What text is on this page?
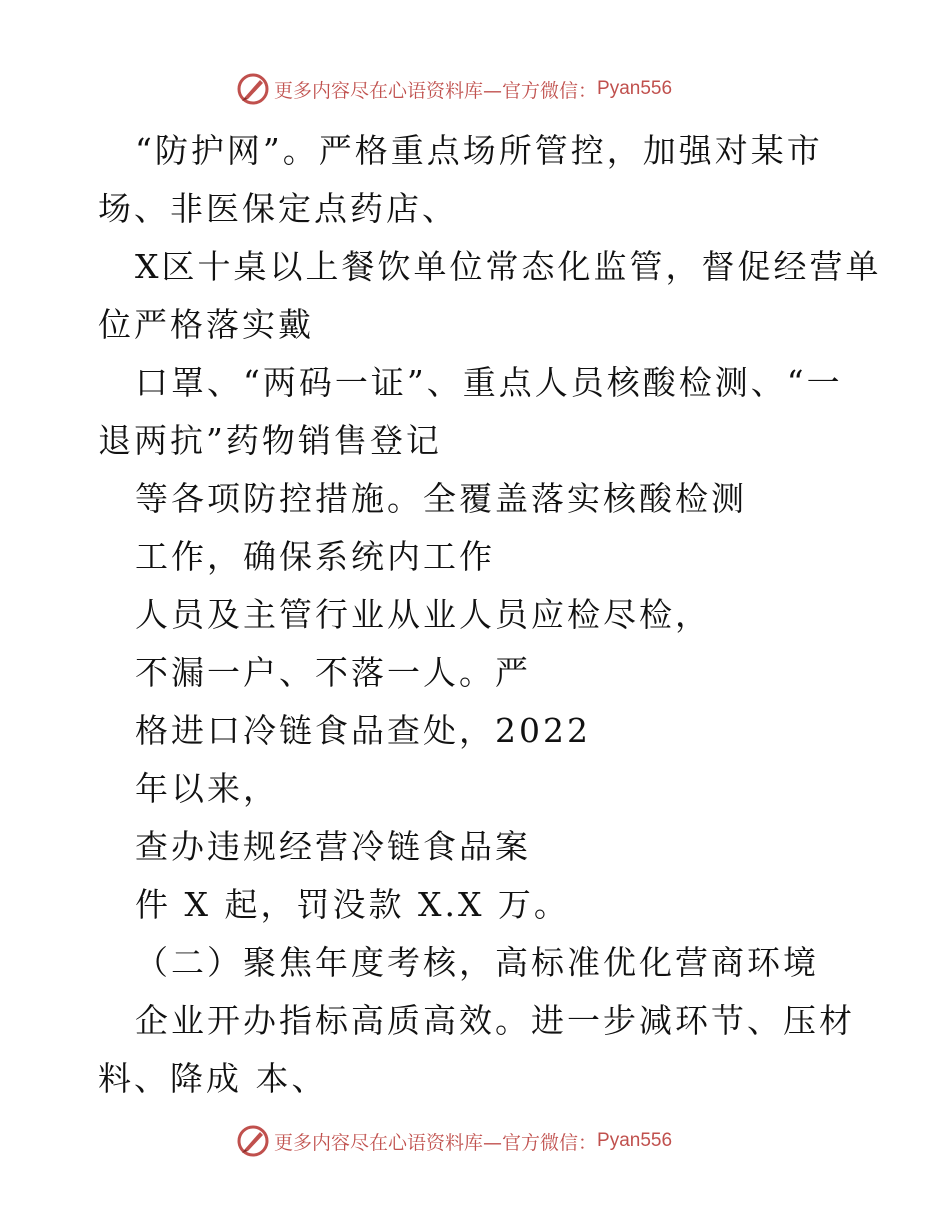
更多内容尽在心语资料库—官方微信： Pyan556
“防护网”。严格重点场所管控，加强对某市
场、非医保定点药店、
X区十桌以上餐饮单位常态化监管，督促经营单
位严格落实戴
口罩、“两码一证”、重点人员核酸检测、“一
退两抗”药物销售登记
等各项防控措施。全覆盖落实核酸检测
工作，确保系统内工作
人员及主管行业从业人员应检尽检，
不漏一户、不落一人。严
格进口冷链食品查处，2022
年以来，
查办违规经营冷链食品案
件 X 起，罚没款 X.X 万。
（二）聚焦年度考核，高标准优化营商环境
企业开办指标高质高效。进一步减环节、压材
料、降成 本、
更多内容尽在心语资料库—官方微信： Pyan556
